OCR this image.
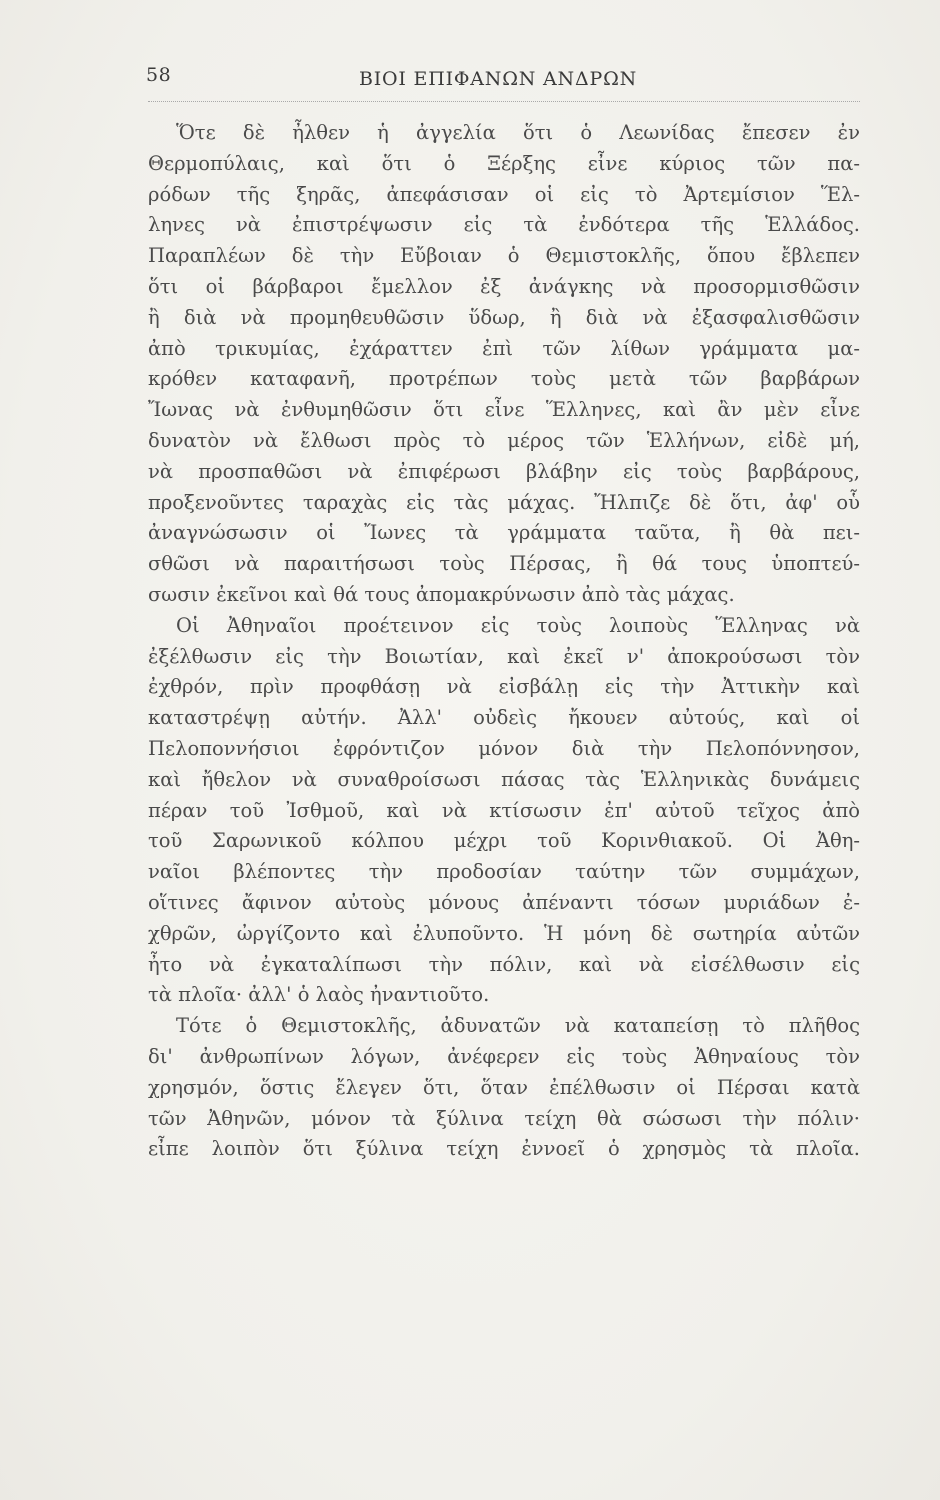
58	ΒΙΟΙ ΕΠΙΦΑΝΩΝ ΑΝΔΡΩΝ
Ὅτε δὲ ἦλθεν ἡ ἀγγελία ὅτι ὁ Λεωνίδας ἔπεσεν ἐν
Θερμοπύλαις, καὶ ὅτι ὁ Ξέρξης εἶνε κύριος τῶν πα-
ρόδων τῆς ξηρᾶς, ἀπεφάσισαν οἱ εἰς τὸ Ἀρτεμίσιον Ἕλ-
ληνες νὰ ἐπιστρέψωσιν εἰς τὰ ἐνδότερα τῆς Ἑλλάδος.
Παραπλέων δὲ τὴν Εὔβοιαν ὁ Θεμιστοκλῆς, ὅπου ἔβλεπεν
ὅτι οἱ βάρβαροι ἔμελλον ἐξ ἀνάγκης νὰ προσορμισθῶσιν
ἢ διὰ νὰ προμηθευθῶσιν ὕδωρ, ἢ διὰ νὰ ἐξασφαλισθῶσιν
ἀπὸ τρικυμίας, ἐχάραττεν ἐπὶ τῶν λίθων γράμματα μα-
κρόθεν καταφανῆ, προτρέπων τοὺς μετὰ τῶν βαρβάρων
Ἴωνας νὰ ἐνθυμηθῶσιν ὅτι εἶνε Ἕλληνες, καὶ ἂν μὲν εἶνε
δυνατὸν νὰ ἔλθωσι πρὸς τὸ μέρος τῶν Ἑλλήνων, εἰδὲ μή,
νὰ προσπαθῶσι νὰ ἐπιφέρωσι βλάβην εἰς τοὺς βαρβάρους,
προξενοῦντες ταραχὰς εἰς τὰς μάχας. Ἤλπιζε δὲ ὅτι, ἀφ' οὗ
ἀναγνώσωσιν οἱ Ἴωνες τὰ γράμματα ταῦτα, ἢ θὰ πει-
σθῶσι νὰ παραιτήσωσι τοὺς Πέρσας, ἢ θά τους ὑποπτεύ-
σωσιν ἐκεῖνοι καὶ θά τους ἀπομακρύνωσιν ἀπὸ τὰς μάχας.
Οἱ Ἀθηναῖοι προέτεινον εἰς τοὺς λοιποὺς Ἕλληνας νὰ
ἐξέλθωσιν εἰς τὴν Βοιωτίαν, καὶ ἐκεῖ ν' ἀποκρούσωσι τὸν
ἐχθρόν, πρὶν προφθάσῃ νὰ εἰσβάλῃ εἰς τὴν Ἀττικὴν καὶ
καταστρέψῃ αὐτήν. Ἀλλ' οὐδεὶς ἤκουεν αὐτούς, καὶ οἱ
Πελοποννήσιοι ἐφρόντιζον μόνον διὰ τὴν Πελοπόννησον,
καὶ ἤθελον νὰ συναθροίσωσι πάσας τὰς Ἑλληνικὰς δυνάμεις
πέραν τοῦ Ἰσθμοῦ, καὶ νὰ κτίσωσιν ἐπ' αὐτοῦ τεῖχος ἀπὸ
τοῦ Σαρωνικοῦ κόλπου μέχρι τοῦ Κορινθιακοῦ. Οἱ Ἀθη-
ναῖοι βλέποντες τὴν προδοσίαν ταύτην τῶν συμμάχων,
οἵτινες ἄφινον αὐτοὺς μόνους ἀπέναντι τόσων μυριάδων ἐ-
χθρῶν, ὠργίζοντο καὶ ἐλυποῦντο. Ἡ μόνη δὲ σωτηρία αὐτῶν
ἦτο νὰ ἐγκαταλίπωσι τὴν πόλιν, καὶ νὰ εἰσέλθωσιν εἰς
τὰ πλοῖα· ἀλλ' ὁ λαὸς ἠναντιοῦτο.
Τότε ὁ Θεμιστοκλῆς, ἀδυνατῶν νὰ καταπείσῃ τὸ πλῆθος
δι' ἀνθρωπίνων λόγων, ἀνέφερεν εἰς τοὺς Ἀθηναίους τὸν
χρησμόν, ὅστις ἔλεγεν ὅτι, ὅταν ἐπέλθωσιν οἱ Πέρσαι κατὰ
τῶν Ἀθηνῶν, μόνον τὰ ξύλινα τείχη θὰ σώσωσι τὴν πόλιν·
εἶπε λοιπὸν ὅτι ξύλινα τείχη ἐννοεῖ ὁ χρησμὸς τὰ πλοῖα.
